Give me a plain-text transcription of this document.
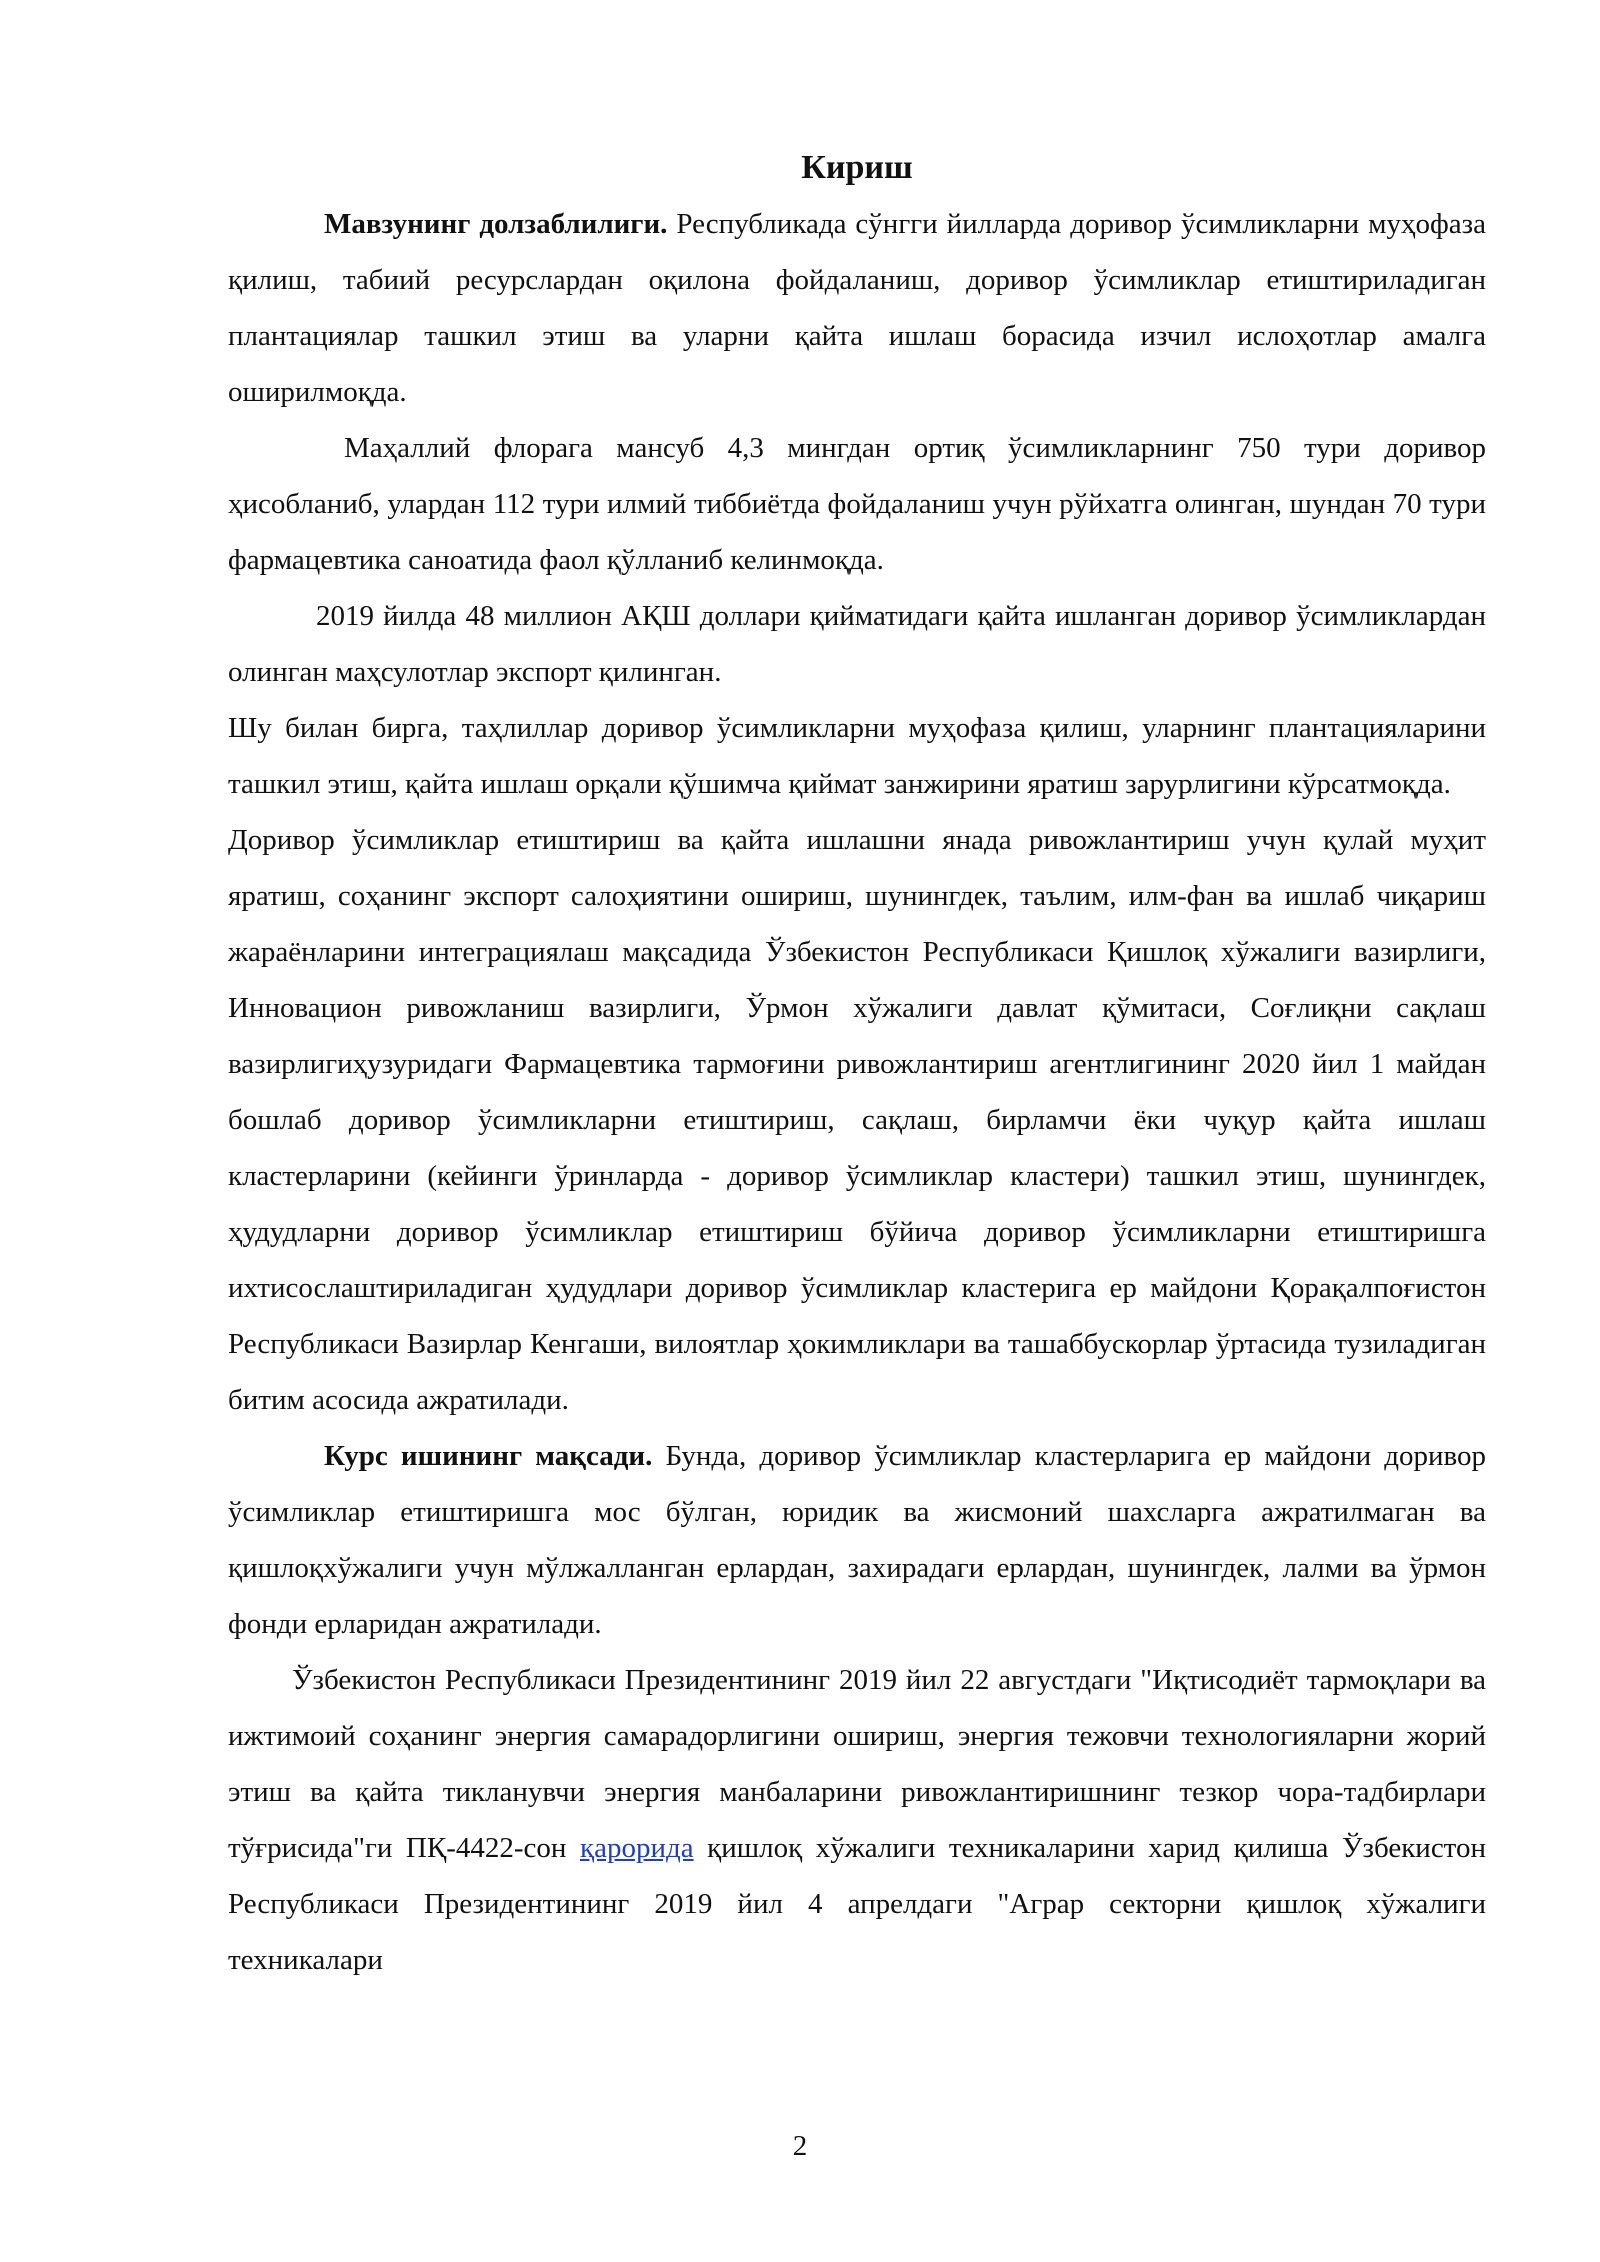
Кириш

Мавзунинг долзаблилиги. Республикада сўнгги йилларда доривор ўсимликларни муҳофаза қилиш, табиий ресурслардан оқилона фойдаланиш, доривор ўсимликлар етиштириладиган плантациялар ташкил этиш ва уларни қайта ишлаш борасида изчил ислоҳотлар амалга оширилмоқда.

Маҳаллий флорага мансуб 4,3 мингдан ортиқ ўсимликларнинг 750 тури доривор ҳисобланиб, улардан 112 тури илмий тиббиётда фойдаланиш учун рўйхатга олинган, шундан 70 тури фармацевтика саноатида фаол қўлланиб келинмоқда.

2019 йилда 48 миллион АҚШ доллари қийматидаги қайта ишланган доривор ўсимликлардан олинган маҳсулотлар экспорт қилинган.

Шу билан бирга, таҳлиллар доривор ўсимликларни муҳофаза қилиш, уларнинг плантацияларини ташкил этиш, қайта ишлаш орқали қўшимча қиймат занжирини яратиш зарурлигини кўрсатмоқда.

Доривор ўсимликлар етиштириш ва қайта ишлашни янада ривожлантириш учун қулай муҳит яратиш, соҳанинг экспорт салоҳиятини ошириш, шунингдек, таълим, илм-фан ва ишлаб чиқариш жараёнларини интеграциялаш мақсадида Ўзбекистон Республикаси Қишлоқ хўжалиги вазирлиги, Инновацион ривожланиш вазирлиги, Ўрмон хўжалиги давлат қўмитаси, Соғлиқни сақлаш вазирлигиҳузуридаги Фармацевтика тармоғини ривожлантириш агентлигининг 2020 йил 1 майдан бошлаб доривор ўсимликларни етиштириш, сақлаш, бирламчи ёки чуқур қайта ишлаш кластерларини (кейинги ўринларда - доривор ўсимликлар кластери) ташкил этиш, шунингдек, ҳудудларни доривор ўсимликлар етиштириш бўйича доривор ўсимликларни етиштиришга ихтисослаштириладиган ҳудудлари доривор ўсимликлар кластерига ер майдони Қорақалпоғистон Республикаси Вазирлар Кенгаши, вилоятлар ҳокимликлари ва ташаббускорлар ўртасида тузиладиган битим асосида ажратилади.

Курс ишининг мақсади. Бунда, доривор ўсимликлар кластерларига ер майдони доривор ўсимликлар етиштиришга мос бўлган, юридик ва жисмоний шахсларга ажратилмаган ва қишлоқхўжалиги учун мўлжалланган ерлардан, захирадаги ерлардан, шунингдек, лалми ва ўрмон фонди ерларидан ажратилади.

Ўзбекистон Республикаси Президентининг 2019 йил 22 августдаги "Иқтисодиёт тармоқлари ва ижтимоий соҳанинг энергия самарадорлигини ошириш, энергия тежовчи технологияларни жорий этиш ва қайта тикланувчи энергия манбаларини ривожлантиришнинг тезкор чора-тадбирлари тўғрисида"ги ПҚ-4422-сон қарорида қишлоқ хўжалиги техникаларини харид қилиша Ўзбекистон Республикаси Президентининг 2019 йил 4 апрелдаги "Аграр секторни қишлоқ хўжалиги техникалари

2
